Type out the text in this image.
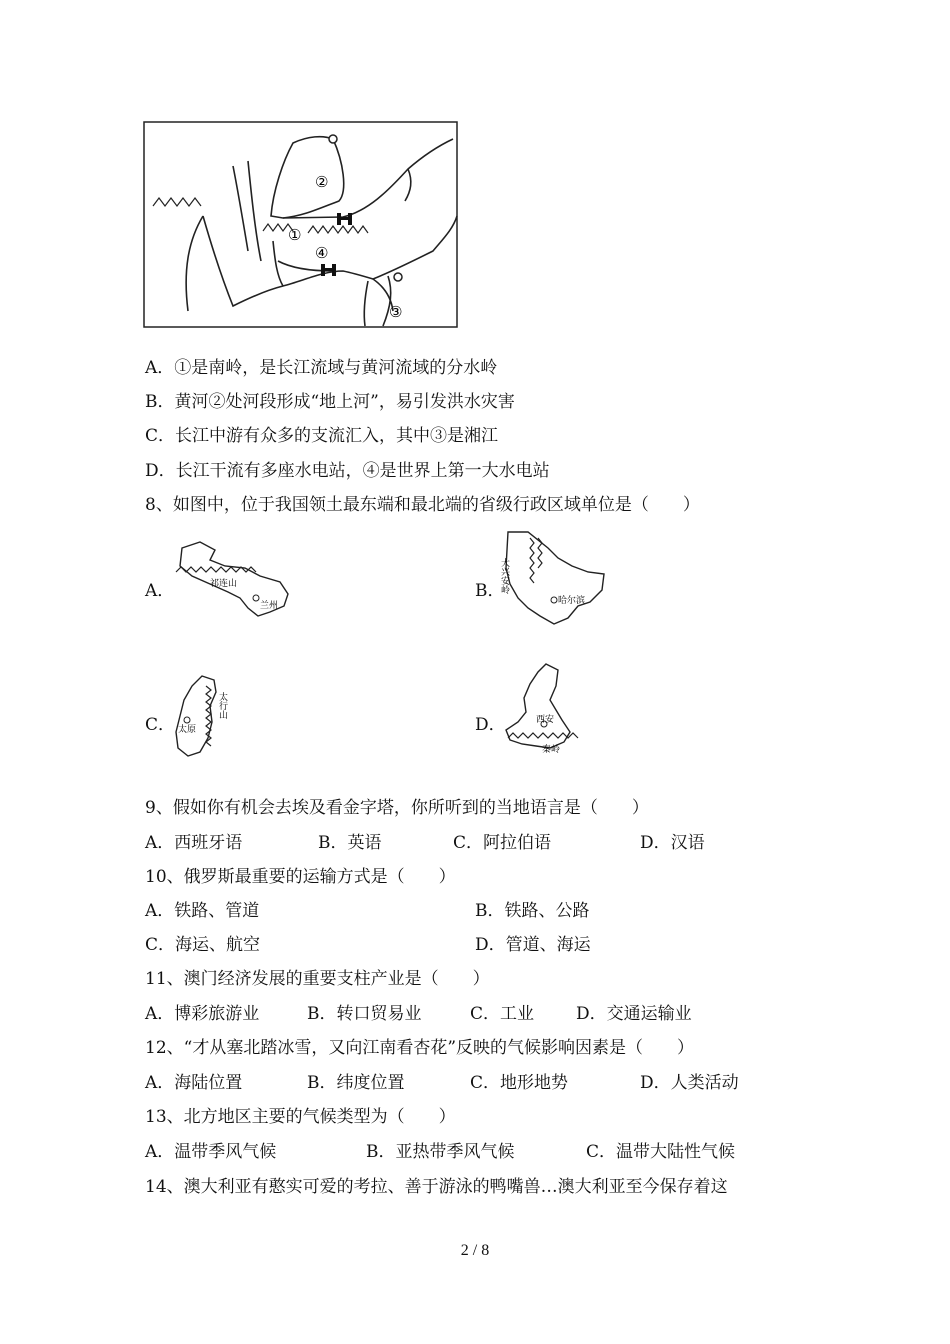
①
②
③
④
A．①是南岭，是长江流域与黄河流域的分水岭
B．黄河②处河段形成“地上河”，易引发洪水灾害
C．长江中游有众多的支流汇入，其中③是湘江
D．长江干流有多座水电站，④是世界上第一大水电站
8、如图中，位于我国领土最东端和最北端的省级行政区域单位是（　　）
A．	祁连山
兰州
B．
大兴安岭
哈尔滨
C． 太原
太行山
D．	西安
秦岭
9、假如你有机会去埃及看金字塔，你所听到的当地语言是（　　）
A．西班牙语	B．英语	C．阿拉伯语	D．汉语
10、俄罗斯最重要的运输方式是（　　）
A．铁路、管道	B．铁路、公路
C．海运、航空	D．管道、海运
11、澳门经济发展的重要支柱产业是（　　）
A．博彩旅游业	B．转口贸易业	C．工业 D．交通运输业
12、“才从塞北踏冰雪，又向江南看杏花”反映的气候影响因素是（　　）
A．海陆位置	B．纬度位置	C．地形地势	D．人类活动
13、北方地区主要的气候类型为（　　）
A．温带季风气候	B．亚热带季风气候	C．温带大陆性气候
14、澳大利亚有憨实可爱的考拉、善于游泳的鸭嘴兽…澳大利亚至今保存着这
2 / 8
